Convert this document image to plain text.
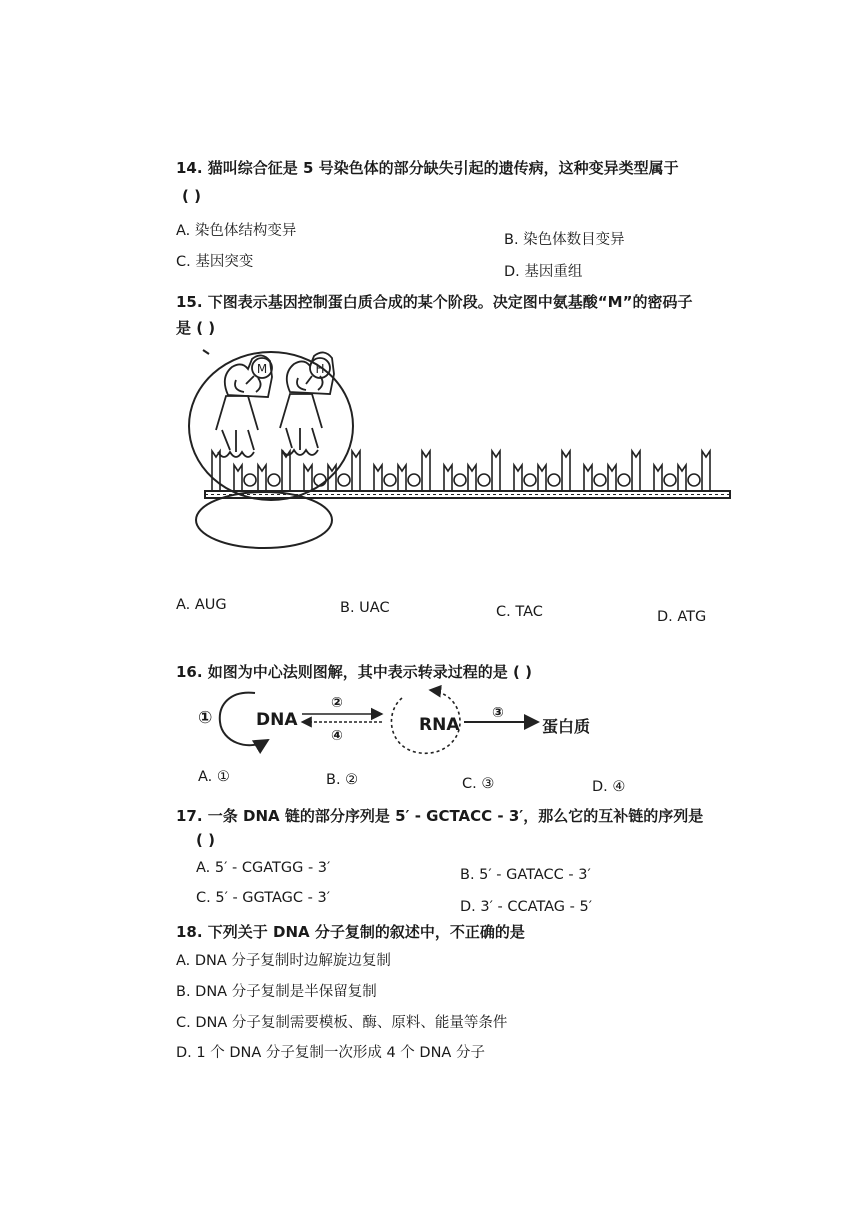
14. 猫叫综合征是 5 号染色体的部分缺失引起的遗传病，这种变异类型属于
( )
A. 染色体结构变异
B. 染色体数目变异
C. 基因突变
D. 基因重组
15. 下图表示基因控制蛋白质合成的某个阶段。决定图中氨基酸“M”的密码子
是 ( )
M	H
A. AUG	B. UAC	C. TAC	D. ATG
16. 如图为中心法则图解，其中表示转录过程的是 ( )
①	DNA
②
④
RNA
③
蛋白质
A. ①	B. ②	C. ③	D. ④
17. 一条 DNA 链的部分序列是 5′ - GCTACC - 3′，那么它的互补链的序列是
( )
A. 5′ - CGATGG - 3′	B. 5′ - GATACC - 3′
C. 5′ - GGTAGC - 3′
D. 3′ - CCATAG - 5′
18. 下列关于 DNA 分子复制的叙述中，不正确的是
A. DNA 分子复制时边解旋边复制
B. DNA 分子复制是半保留复制
C. DNA 分子复制需要模板、酶、原料、能量等条件
D. 1 个 DNA 分子复制一次形成 4 个 DNA 分子
